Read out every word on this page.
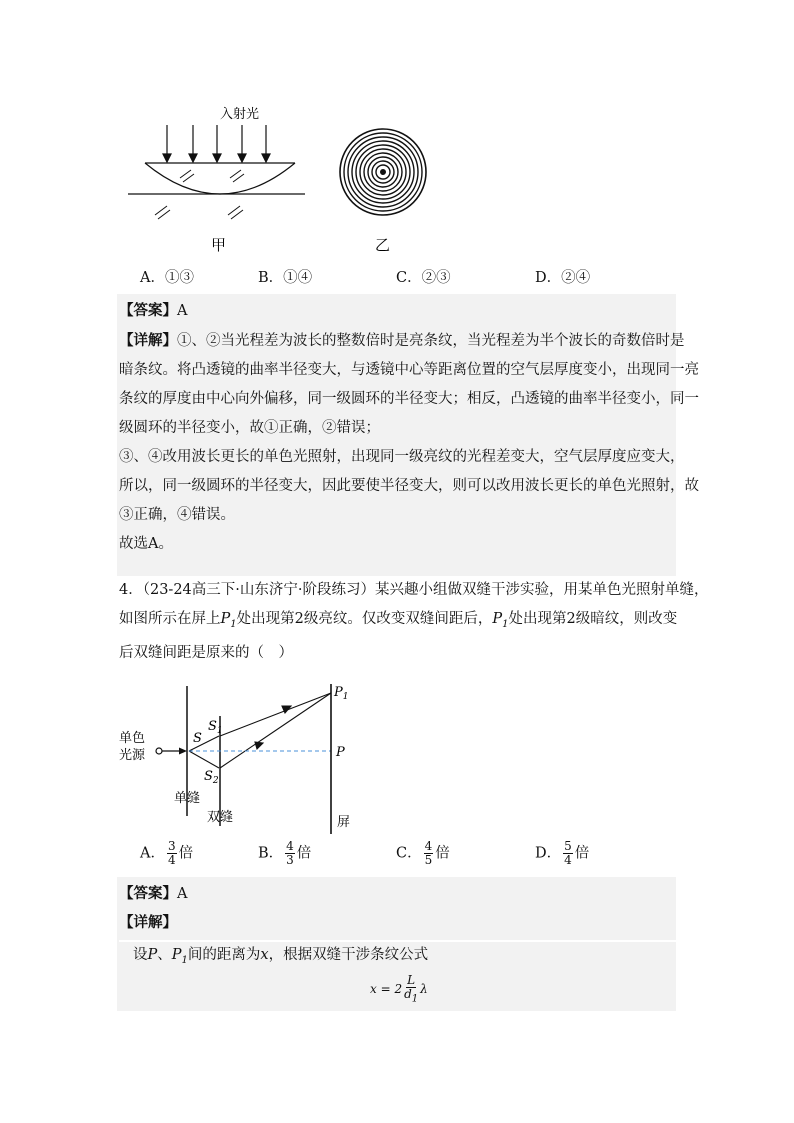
入射光
甲	乙
A．①③	B．①④	C．②③	D．②④
【答案】A
【详解】①、②当光程差为波长的整数倍时是亮条纹，当光程差为半个波长的奇数倍时是
暗条纹。将凸透镜的曲率半径变大，与透镜中心等距离位置的空气层厚度变小，出现同一亮
条纹的厚度由中心向外偏移，同一级圆环的半径变大；相反，凸透镜的曲率半径变小，同一
级圆环的半径变小，故①正确，②错误；
③、④改用波长更长的单色光照射，出现同一级亮纹的光程差变大，空气层厚度应变大，
所以，同一级圆环的半径变大，因此要使半径变大，则可以改用波长更长的单色光照射，故
③正确，④错误。
故选A。
4．（23-24高三下·山东济宁·阶段练习）某兴趣小组做双缝干涉实验，用某单色光照射单缝，
如图所示在屏上$P_1$处出现第2级亮纹。仅改变双缝间距后，$P_1$处出现第2级暗纹，则改变
后双缝间距是原来的（　）
单色
光源
S
$S_1$
$S_2$
$P_1$
P
单缝
双缝	屏
A． $\frac{3}{4}$ 倍	B． $\frac{4}{3}$ 倍	C． $\frac{4}{5}$ 倍	D． $\frac{5}{4}$ 倍
【答案】A
【详解】
设P、$P_1$间的距离为x，根据双缝干涉条纹公式
$x = 2 \frac{L}{d_1}$ λ
